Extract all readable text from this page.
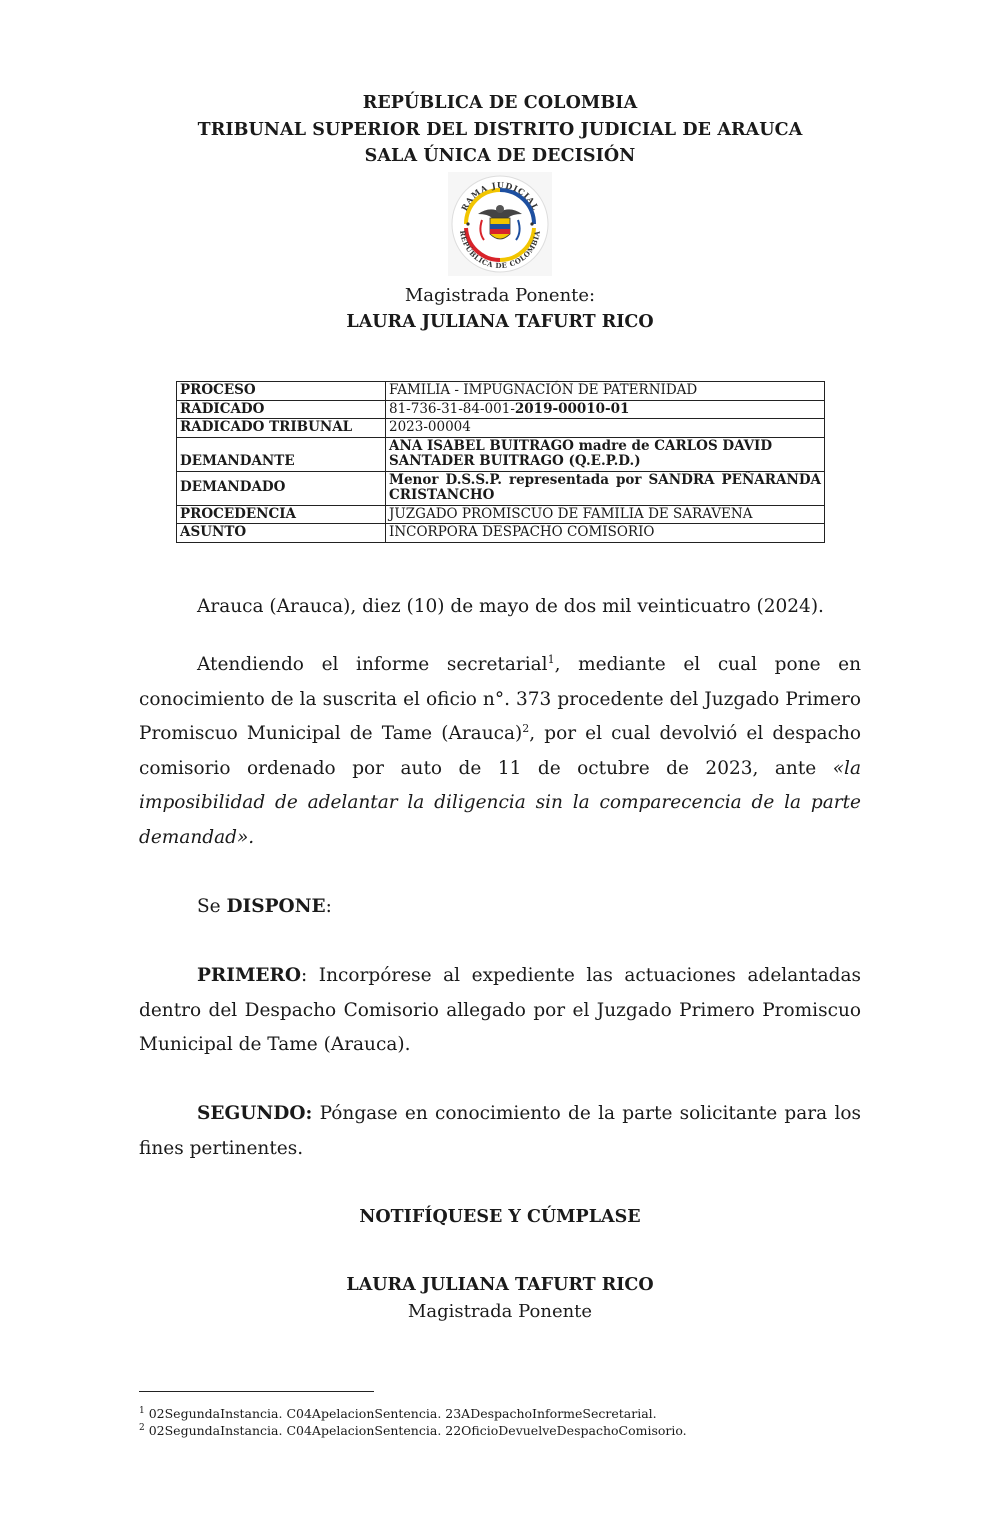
REPÚBLICA DE COLOMBIA
TRIBUNAL SUPERIOR DEL DISTRITO JUDICIAL DE ARAUCA
SALA ÚNICA DE DECISIÓN
RAMA JUDICIAL
REPÚBLICA DE COLOMBIA
Magistrada Ponente:
LAURA JULIANA TAFURT RICO
PROCESO	FAMILIA - IMPUGNACIÓN DE PATERNIDAD
RADICADO	81-736-31-84-001-2019-00010-01
RADICADO TRIBUNAL	2023-00004
DEMANDANTE	ANA ISABEL BUITRAGO madre de CARLOS DAVID
SANTADER BUITRAGO (Q.E.P.D.)

DEMANDADO	Menor D.S.S.P. representada por SANDRA PEÑARANDA
CRISTANCHO

PROCEDENCIA	JUZGADO PROMISCUO DE FAMILIA DE SARAVENA
ASUNTO	INCORPORA DESPACHO COMISORIO
Arauca (Arauca), diez (10) de mayo de dos mil veinticuatro (2024).
Atendiendo el informe secretarial$^1$, mediante el cual pone en conocimiento de la suscrita el oficio n°. 373 procedente del Juzgado Primero Promiscuo Municipal de Tame (Arauca)$^2$, por el cual devolvió el despacho comisorio ordenado por auto de 11 de octubre de 2023, ante «la imposibilidad de adelantar la diligencia sin la comparecencia de la parte demandad».
Se DISPONE:
PRIMERO: Incorpórese al expediente las actuaciones adelantadas dentro del Despacho Comisorio allegado por el Juzgado Primero Promiscuo Municipal de Tame (Arauca).
SEGUNDO: Póngase en conocimiento de la parte solicitante para los fines pertinentes.
NOTIFÍQUESE Y CÚMPLASE
LAURA JULIANA TAFURT RICO
Magistrada Ponente
$^1$ 02SegundaInstancia. C04ApelacionSentencia. 23ADespachoInformeSecretarial.
$^2$ 02SegundaInstancia. C04ApelacionSentencia. 22OficioDevuelveDespachoComisorio.
